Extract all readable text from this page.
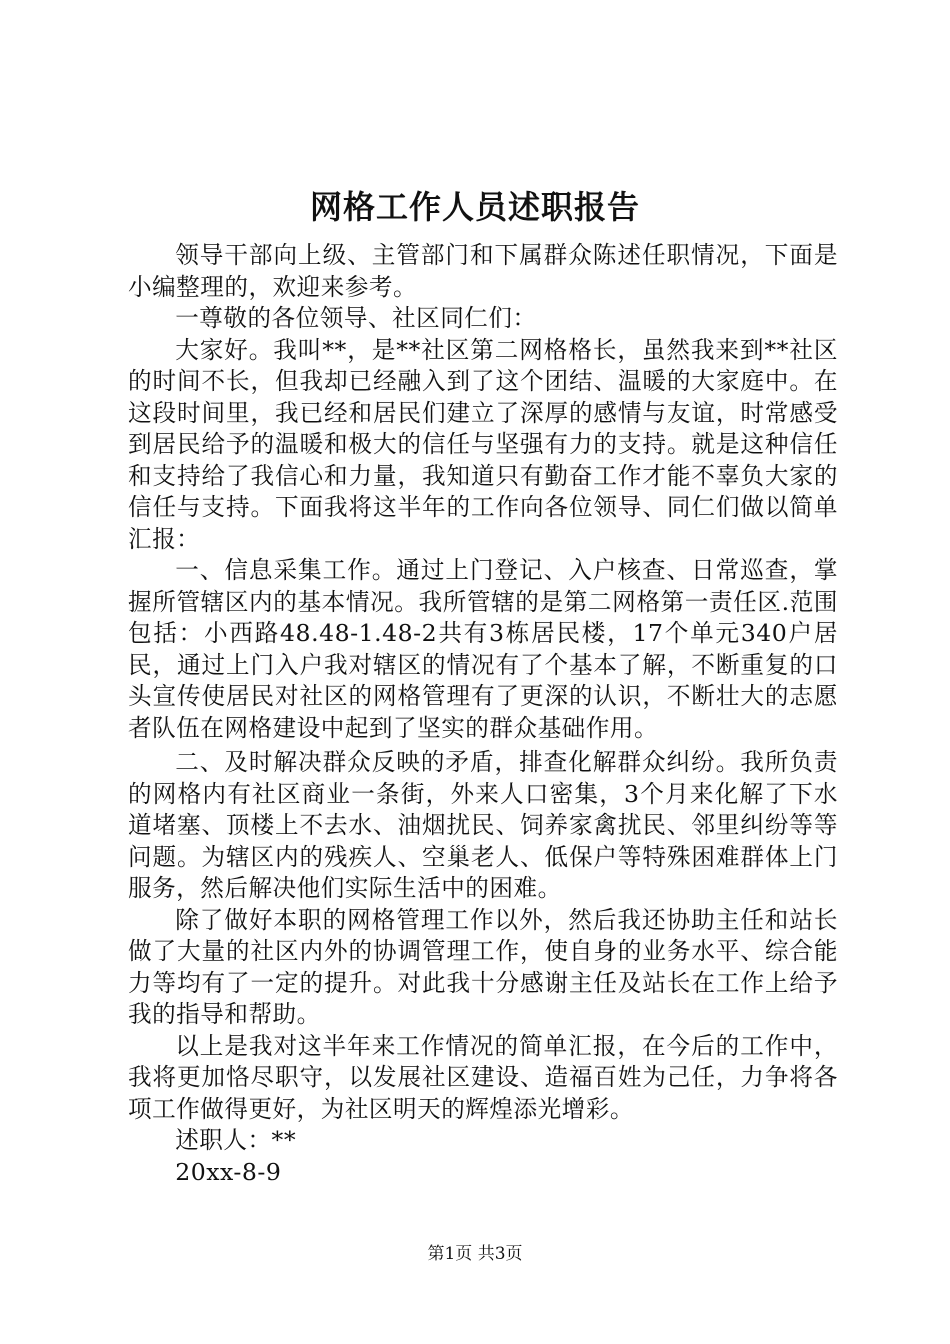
网格工作人员述职报告

领导干部向上级、主管部门和下属群众陈述任职情况，下面是小编整理的，欢迎来参考。

一尊敬的各位领导、社区同仁们：

大家好。我叫**，是**社区第二网格格长，虽然我来到**社区的时间不长，但我却已经融入到了这个团结、温暖的大家庭中。在这段时间里，我已经和居民们建立了深厚的感情与友谊，时常感受到居民给予的温暖和极大的信任与坚强有力的支持。就是这种信任和支持给了我信心和力量，我知道只有勤奋工作才能不辜负大家的信任与支持。下面我将这半年的工作向各位领导、同仁们做以简单汇报：

一、信息采集工作。通过上门登记、入户核查、日常巡查，掌握所管辖区内的基本情况。我所管辖的是第二网格第一责任区.范围包括：小西路48.48-1.48-2共有3栋居民楼，17个单元340户居民，通过上门入户我对辖区的情况有了个基本了解，不断重复的口头宣传使居民对社区的网格管理有了更深的认识，不断壮大的志愿者队伍在网格建设中起到了坚实的群众基础作用。

二、及时解决群众反映的矛盾，排查化解群众纠纷。我所负责的网格内有社区商业一条街，外来人口密集，3个月来化解了下水道堵塞、顶楼上不去水、油烟扰民、饲养家禽扰民、邻里纠纷等等问题。为辖区内的残疾人、空巢老人、低保户等特殊困难群体上门服务，然后解决他们实际生活中的困难。

除了做好本职的网格管理工作以外，然后我还协助主任和站长做了大量的社区内外的协调管理工作，使自身的业务水平、综合能力等均有了一定的提升。对此我十分感谢主任及站长在工作上给予我的指导和帮助。

以上是我对这半年来工作情况的简单汇报，在今后的工作中，我将更加恪尽职守，以发展社区建设、造福百姓为己任，力争将各项工作做得更好，为社区明天的辉煌添光增彩。

述职人：**

20xx-8-9

第1页 共3页
